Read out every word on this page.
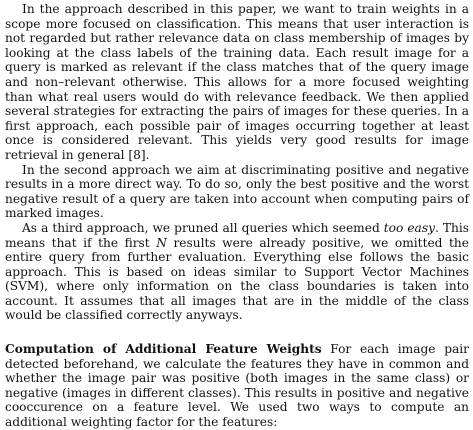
In the approach described in this paper, we want to train weights in a scope more focused on classification. This means that user interaction is not regarded but rather relevance data on class membership of images by looking at the class labels of the training data. Each result image for a query is marked as relevant if the class matches that of the query image and non–relevant otherwise. This allows for a more focused weighting than what real users would do with relevance feedback. We then applied several strategies for extracting the pairs of images for these queries. In a first approach, each possible pair of images occurring together at least once is considered relevant. This yields very good results for image retrieval in general [8].

In the second approach we aim at discriminating positive and negative results in a more direct way. To do so, only the best positive and the worst negative result of a query are taken into account when computing pairs of marked images.

As a third approach, we pruned all queries which seemed too easy. This means that if the first N results were already positive, we omitted the entire query from further evaluation. Everything else follows the basic approach. This is based on ideas similar to Support Vector Machines (SVM), where only information on the class boundaries is taken into account. It assumes that all images that are in the middle of the class would be classified correctly anyways.

Computation of Additional Feature Weights For each image pair detected beforehand, we calculate the features they have in common and whether the image pair was positive (both images in the same class) or negative (images in different classes). This results in positive and negative cooccurence on a feature level. We used two ways to compute an additional weighting factor for the features:
